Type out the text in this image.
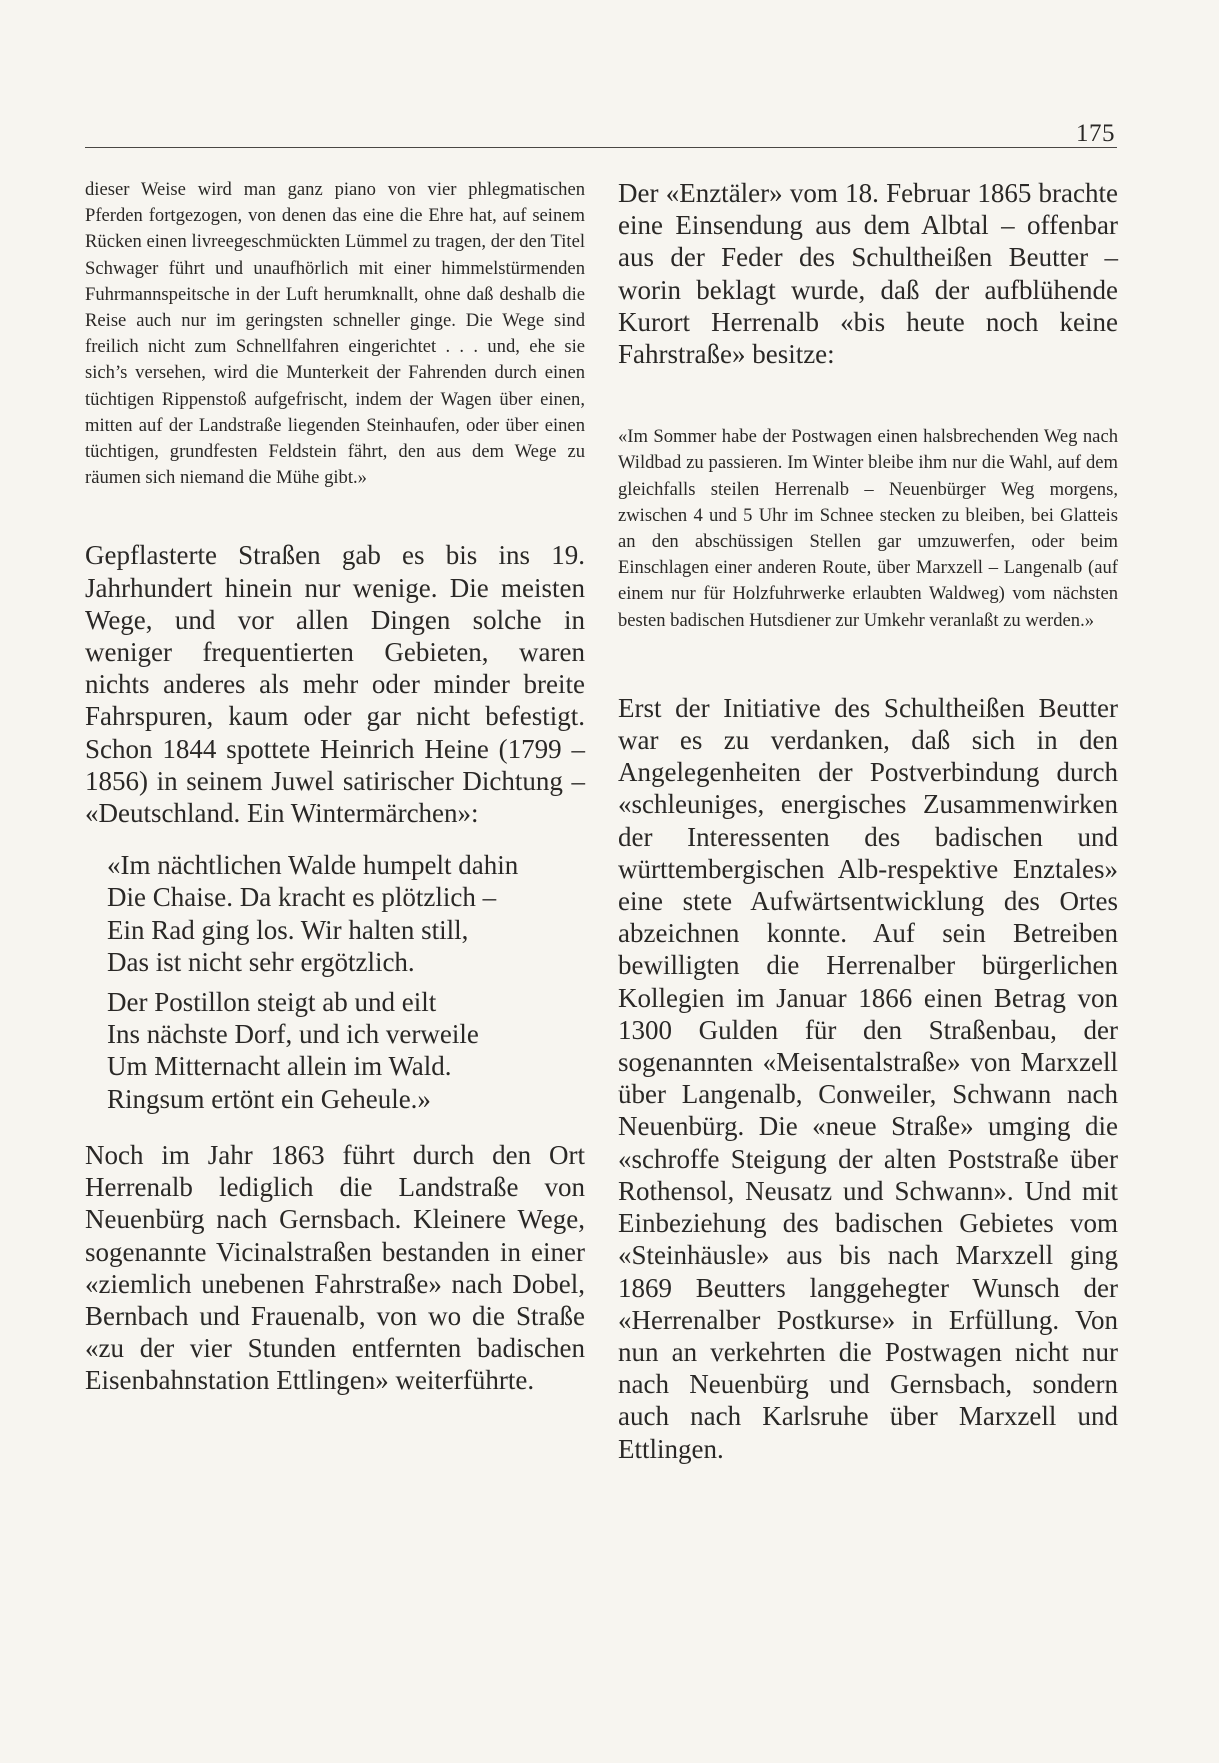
175

dieser Weise wird man ganz piano von vier phlegmatischen Pferden fortgezogen, von denen das eine die Ehre hat, auf seinem Rücken einen livreegeschmückten Lümmel zu tragen, der den Titel Schwager führt und unaufhörlich mit einer himmelstürmenden Fuhrmannspeitsche in der Luft herumknallt, ohne daß deshalb die Reise auch nur im geringsten schneller ginge. Die Wege sind freilich nicht zum Schnellfahren eingerichtet . . . und, ehe sie sich’s versehen, wird die Munterkeit der Fahrenden durch einen tüchtigen Rippenstoß aufgefrischt, indem der Wagen über einen, mitten auf der Landstraße liegenden Steinhaufen, oder über einen tüchtigen, grundfesten Feldstein fährt, den aus dem Wege zu räumen sich niemand die Mühe gibt.»

Gepflasterte Straßen gab es bis ins 19. Jahrhundert hinein nur wenige. Die meisten Wege, und vor allen Dingen solche in weniger frequentierten Gebieten, waren nichts anderes als mehr oder minder breite Fahrspuren, kaum oder gar nicht befestigt. Schon 1844 spottete Heinrich Heine (1799 – 1856) in seinem Juwel satirischer Dichtung – «Deutschland. Ein Wintermärchen»:

«Im nächtlichen Walde humpelt dahin
Die Chaise. Da kracht es plötzlich –
Ein Rad ging los. Wir halten still,
Das ist nicht sehr ergötzlich.
Der Postillon steigt ab und eilt
Ins nächste Dorf, und ich verweile
Um Mitternacht allein im Wald.
Ringsum ertönt ein Geheule.»

Noch im Jahr 1863 führt durch den Ort Herrenalb lediglich die Landstraße von Neuenbürg nach Gernsbach. Kleinere Wege, sogenannte Vicinalstraßen bestanden in einer «ziemlich unebenen Fahrstraße» nach Dobel, Bernbach und Frauenalb, von wo die Straße «zu der vier Stunden entfernten badischen Eisenbahnstation Ettlingen» weiterführte.

Der «Enztäler» vom 18. Februar 1865 brachte eine Einsendung aus dem Albtal – offenbar aus der Feder des Schultheißen Beutter – worin beklagt wurde, daß der aufblühende Kurort Herrenalb «bis heute noch keine Fahrstraße» besitze:

«Im Sommer habe der Postwagen einen halsbrechenden Weg nach Wildbad zu passieren. Im Winter bleibe ihm nur die Wahl, auf dem gleichfalls steilen Herrenalb – Neuenbürger Weg morgens, zwischen 4 und 5 Uhr im Schnee stecken zu bleiben, bei Glatteis an den abschüssigen Stellen gar umzuwerfen, oder beim Einschlagen einer anderen Route, über Marxzell – Langenalb (auf einem nur für Holzfuhrwerke erlaubten Waldweg) vom nächsten besten badischen Hutsdiener zur Umkehr veranlaßt zu werden.»

Erst der Initiative des Schultheißen Beutter war es zu verdanken, daß sich in den Angelegenheiten der Postverbindung durch «schleuniges, energisches Zusammenwirken der Interessenten des badischen und württembergischen Alb-respektive Enztales» eine stete Aufwärtsentwicklung des Ortes abzeichnen konnte. Auf sein Betreiben bewilligten die Herrenalber bürgerlichen Kollegien im Januar 1866 einen Betrag von 1300 Gulden für den Straßenbau, der sogenannten «Meisentalstraße» von Marxzell über Langenalb, Conweiler, Schwann nach Neuenbürg. Die «neue Straße» umging die «schroffe Steigung der alten Poststraße über Rothensol, Neusatz und Schwann». Und mit Einbeziehung des badischen Gebietes vom «Steinhäusle» aus bis nach Marxzell ging 1869 Beutters langgehegter Wunsch der «Herrenalber Postkurse» in Erfüllung. Von nun an verkehrten die Postwagen nicht nur nach Neuenbürg und Gernsbach, sondern auch nach Karlsruhe über Marxzell und Ettlingen.
